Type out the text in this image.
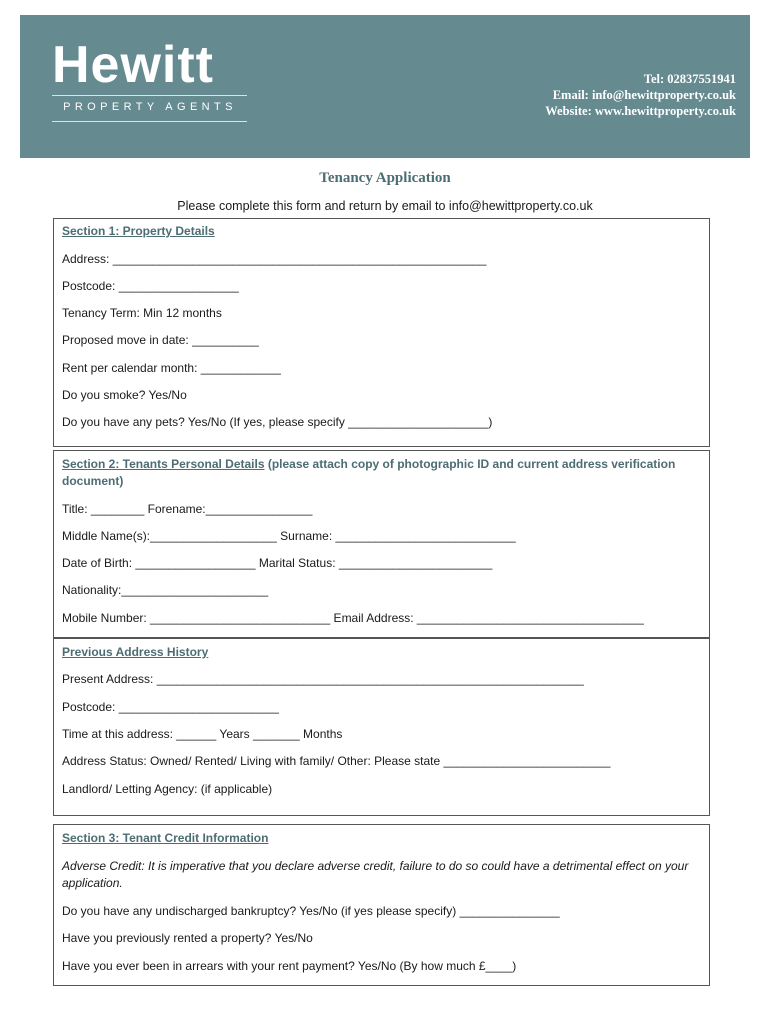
Hewitt
PROPERTY AGENTS
Tel: 02837551941
Email: info@hewittproperty.co.uk
Website: www.hewittproperty.co.uk
Tenancy Application
Please complete this form and return by email to info@hewittproperty.co.uk
Section 1: Property Details
Address: ________________________________________________________
Postcode: __________________
Tenancy Term: Min 12 months
Proposed move in date: __________
Rent per calendar month: ____________
Do you smoke? Yes/No
Do you have any pets? Yes/No (If yes, please specify _____________________)
Section 2: Tenants Personal Details (please attach copy of photographic ID and current address verification document)
Title: ________ Forename:________________
Middle Name(s):___________________ Surname: ___________________________
Date of Birth: __________________ Marital Status: _______________________
Nationality:______________________
Mobile Number: ___________________________ Email Address: __________________________________
Previous Address History
Present Address: ________________________________________________________________
Postcode: ________________________
Time at this address: ______ Years _______ Months
Address Status: Owned/ Rented/ Living with family/ Other: Please state _________________________
Landlord/ Letting Agency: (if applicable)
Section 3: Tenant Credit Information
Adverse Credit: It is imperative that you declare adverse credit, failure to do so could have a detrimental effect on your application.
Do you have any undischarged bankruptcy? Yes/No (if yes please specify) _______________
Have you previously rented a property? Yes/No
Have you ever been in arrears with your rent payment? Yes/No (By how much £____)
